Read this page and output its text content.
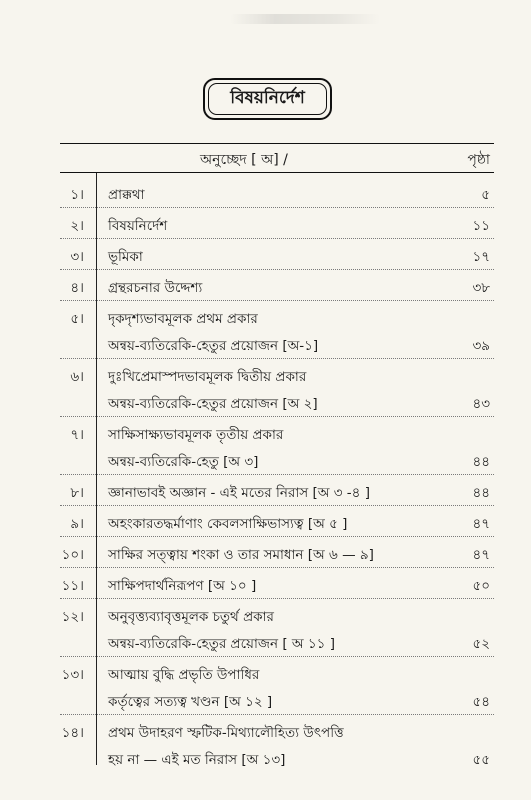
বিষয়নির্দেশ
অনুচ্ছেদ [ অ] /	পৃষ্ঠা
১। প্রাক্কথা	৫
২। বিষয়নির্দেশ	১১
৩। ভূমিকা	১৭
৪। গ্রন্থরচনার উদ্দেশ্য	৩৮
৫। দৃকদৃশ্যভাবমূলক প্রথম প্রকার
অন্বয়-ব্যতিরেকি-হেতুর প্রয়োজন [অ-১]	৩৯
৬। দুঃখিপ্রেমাস্পদভাবমূলক দ্বিতীয় প্রকার
অন্বয়-ব্যতিরেকি-হেতুর প্রয়োজন [অ ২]	৪৩
৭। সাক্ষিসাক্ষ্যভাবমূলক তৃতীয় প্রকার
অন্বয়-ব্যতিরেকি-হেতু [অ ৩]	৪৪
৮। জ্ঞানাভাবই অজ্ঞান - এই মতের নিরাস [অ ৩ -৪ ]	৪৪
৯। অহংকারতদ্ধর্মাণাং কেবলসাক্ষিভাস্যত্ব [অ ৫ ]	৪৭
১০। সাক্ষির সত্ত্বায় শংকা ও তার সমাধান [অ ৬ — ৯]	৪৭
১১। সাক্ষিপদার্থনিরূপণ [অ ১০ ]	৫০
১২। অনুবৃত্ত্যব্যাবৃত্তমূলক চতুর্থ প্রকার
অন্বয়-ব্যতিরেকি-হেতুর প্রয়োজন [ অ ১১ ]	৫২
১৩। আত্মায় বুদ্ধি প্রভৃতি উপাধির
কর্তৃত্বের সত্যত্ব খণ্ডন [অ ১২ ]	৫৪
১৪। প্রথম উদাহরণ স্ফটিক-মিথ্যালৌহিত্য উৎপত্তি
হয় না — এই মত নিরাস [অ ১৩]	৫৫
